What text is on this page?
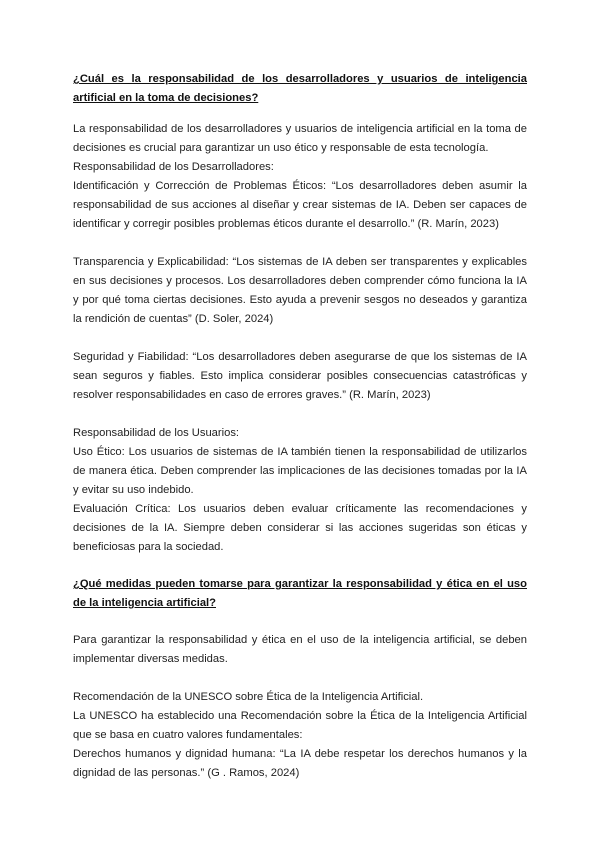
¿Cuál es la responsabilidad de los desarrolladores y usuarios de inteligencia artificial en la toma de decisiones?
La responsabilidad de los desarrolladores y usuarios de inteligencia artificial en la toma de decisiones es crucial para garantizar un uso ético y responsable de esta tecnología.
Responsabilidad de los Desarrolladores:
Identificación y Corrección de Problemas Éticos: “Los desarrolladores deben asumir la responsabilidad de sus acciones al diseñar y crear sistemas de IA. Deben ser capaces de identificar y corregir posibles problemas éticos durante el desarrollo.” (R. Marín, 2023)
Transparencia y Explicabilidad: “Los sistemas de IA deben ser transparentes y explicables en sus decisiones y procesos. Los desarrolladores deben comprender cómo funciona la IA y por qué toma ciertas decisiones. Esto ayuda a prevenir sesgos no deseados y garantiza la rendición de cuentas” (D. Soler, 2024)
Seguridad y Fiabilidad: “Los desarrolladores deben asegurarse de que los sistemas de IA sean seguros y fiables. Esto implica considerar posibles consecuencias catastróficas y resolver responsabilidades en caso de errores graves.” (R. Marín, 2023)
Responsabilidad de los Usuarios:
Uso Ético: Los usuarios de sistemas de IA también tienen la responsabilidad de utilizarlos de manera ética. Deben comprender las implicaciones de las decisiones tomadas por la IA y evitar su uso indebido.
Evaluación Crítica: Los usuarios deben evaluar críticamente las recomendaciones y decisiones de la IA. Siempre deben considerar si las acciones sugeridas son éticas y beneficiosas para la sociedad.
¿Qué medidas pueden tomarse para garantizar la responsabilidad y ética en el uso de la inteligencia artificial?
Para garantizar la responsabilidad y ética en el uso de la inteligencia artificial, se deben implementar diversas medidas.
Recomendación de la UNESCO sobre Ética de la Inteligencia Artificial.
La UNESCO ha establecido una Recomendación sobre la Ética de la Inteligencia Artificial que se basa en cuatro valores fundamentales:
Derechos humanos y dignidad humana: “La IA debe respetar los derechos humanos y la dignidad de las personas.” (G . Ramos, 2024)
